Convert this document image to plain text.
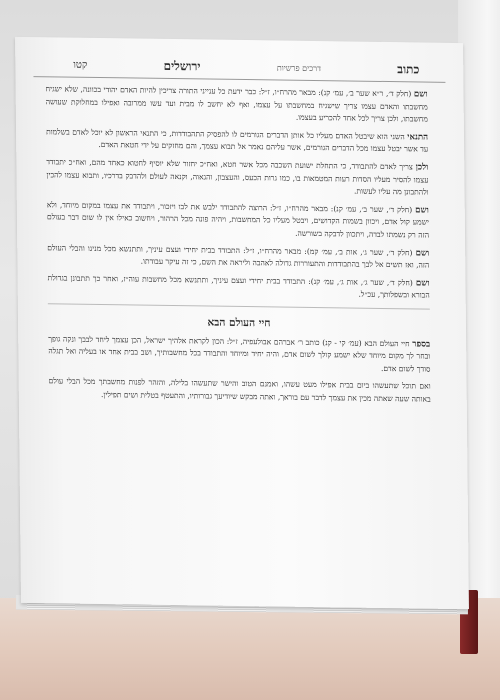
כתוב
דרכים פרשיות
ירושלים
קטו

ושם (חלק ד׳, ר״א שער ב׳, עמ׳ קנ): מבאר מהרח״ו, ז״ל: כבר ידעת כל ענייני התורה צריכין להיות האדם יהודי בכוונה, שלא ישגיח מחשבתו והאדם עצמו צריך שישגיח במחשבתו על עצמו, ואף לא יחשב לו מבית ועד עשו ממרובה ואפילו במחלוקת שעושה מחשבתו, ולכן צריך לכל אחד להכריע בעצמו.

התנאי השני הוא שיבטל האדם מעליו כל אותן הדברים הגורמים לו להפסיק התהבודדות, כי התנאי הראשון לא יוכל לאדם בשלמות עד אשר יבטל עצמו מכל הדברים הגורמים, אשר עליהם נאמר אל תבוא עצמך, והם מחזקים על ידי חטאת האדם.

ולכן צריך לאדם להתבודד, כי התחלת ישועת השכבה מכל אשר חטא, ואח״כ יחזור שלא יוסיף לחטוא כאחד מהם, ואח״כ יתבודד עצמו להסיר מעליו הסדות רעות המטמאות בו, כמו גרות הכעס, והעצבון, והגאוה, וקנאה לעולם ולהדבק בדרכיו, ותבוא עצמו להכין ולהתבונן מה עליו לעשות.

ושם (חלק ד׳, שער ב׳, עמ׳ קנ): מבאר מהרח״ו, ז״ל: הרוצה להתבודד ילבש את לבו ויזכור, ויתבודד את עצמו במקום מיוחד, ולא ישמע קול אדם, ויכוון בשמות הקדושים, ויבטל מעליו כל המחשבות, ויהיה פונה מכל הרהור, ויחשוב כאילו אין לו שום דבר בעולם הזה רק נשמתו לבדה, ויתכוון לדבקה בשורשה.

ושם (חלק ד׳, שער ג׳, אות ב׳, עמ׳ קמ): מבאר מהרח״ו, ז״ל: התבודד בבית יחידי ועצם עיניך, ותתנשא מכל מנינו והבלי העולם הזה, ואז תשים אל לבך בהתבודדות והתעוררות גדולה לאהבה וליראה את השם, כי זה עיקר עבודתו.

ושם (חלק ד׳, שער ג׳, אות ג׳, עמ׳ קנ): התבודד בבית יחידי ועצם עיניך, ותתנשא מכל מחשבות עוה״ז, ואחר כך תתבונן בגדולת הבורא ובשפלותך, עכ״ל.

חיי העולם הבא

בספר חיי העולם הבא (עמ׳ קי - קנ) כותב ר׳ אברהם אבולעפיה, ז״ל: הכון לקראת אלהיך ישראל, הכן עצמך ליחד לבבך ונקה גופך ובחר לך מקום מיוחד שלא ישמע קולך לשום אדם, והיה יחיד ומיוחד והתבודד בכל מחשבותיך, ושב בבית אחד או בעליה ואל תגלה סודך לשום אדם.

ואם תוכל שתעשהו ביום בבית אפילו מעט עשהו, ואמנם הטוב והישר שתעשהו בלילה, והזהר לפנות מחשבתך מכל הבלי עולם באותה שעה שאתה מכין את עצמך לדבר עם בוראך, ואתה מבקש שיודיעך גבורותיו, והתעטף בטלית ושים תפילין.
